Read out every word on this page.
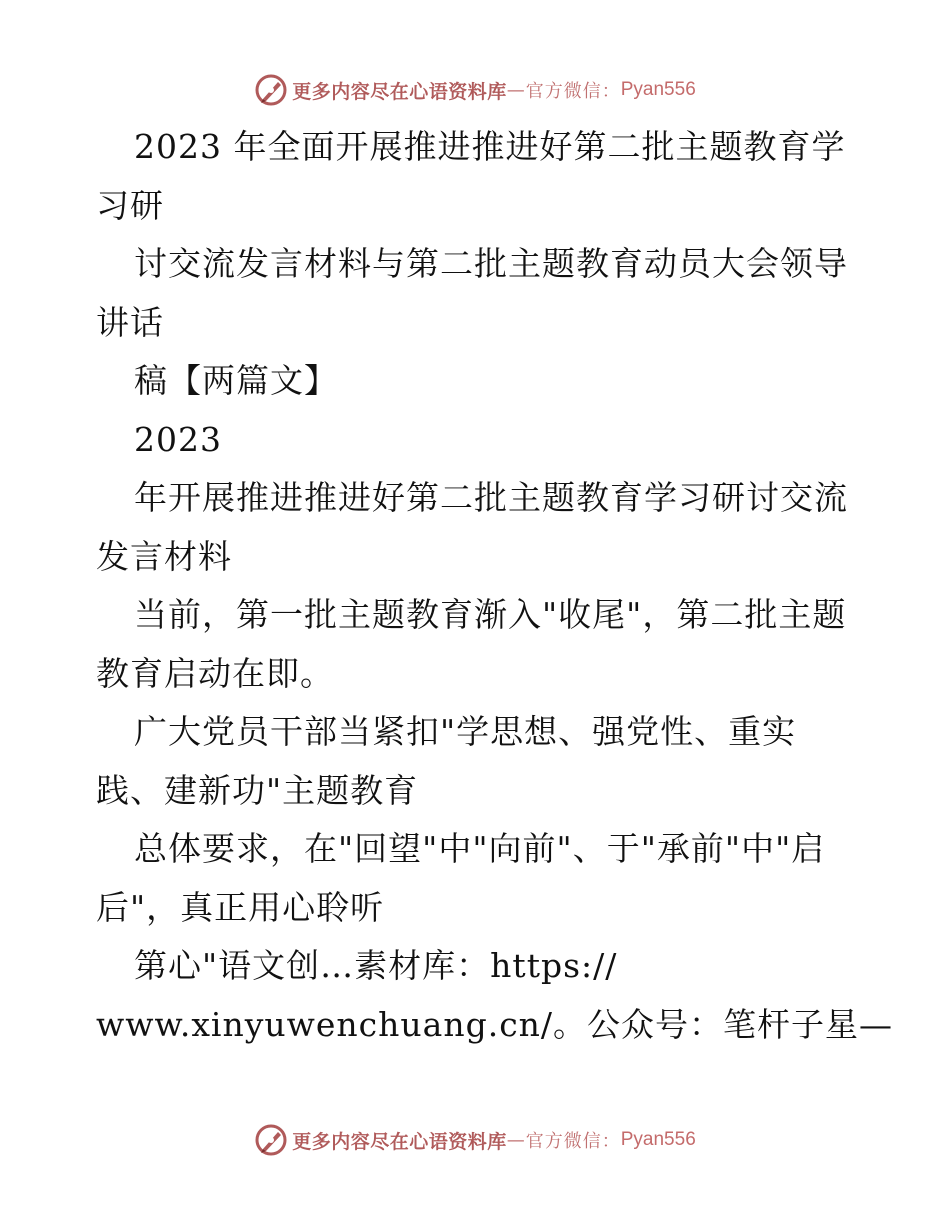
更多内容尽在心语资料库 — 官方微信： Pyan556
2023 年全面开展推进推进好第二批主题教育学
习研
讨交流发言材料与第二批主题教育动员大会领导
讲话
稿【两篇文】
2023
年开展推进推进好第二批主题教育学习研讨交流
发言材料
当前，第一批主题教育渐入"收尾"，第二批主题
教育启动在即。
广大党员干部当紧扣"学思想、强党性、重实
践、建新功"主题教育
总体要求，在"回望"中"向前"、于"承前"中"启
后"，真正用心聆听
第心"语文创…素材库：https://
www.xinyuwenchuang.cn/。公众号：笔杆子星—
更多内容尽在心语资料库 — 官方微信： Pyan556
